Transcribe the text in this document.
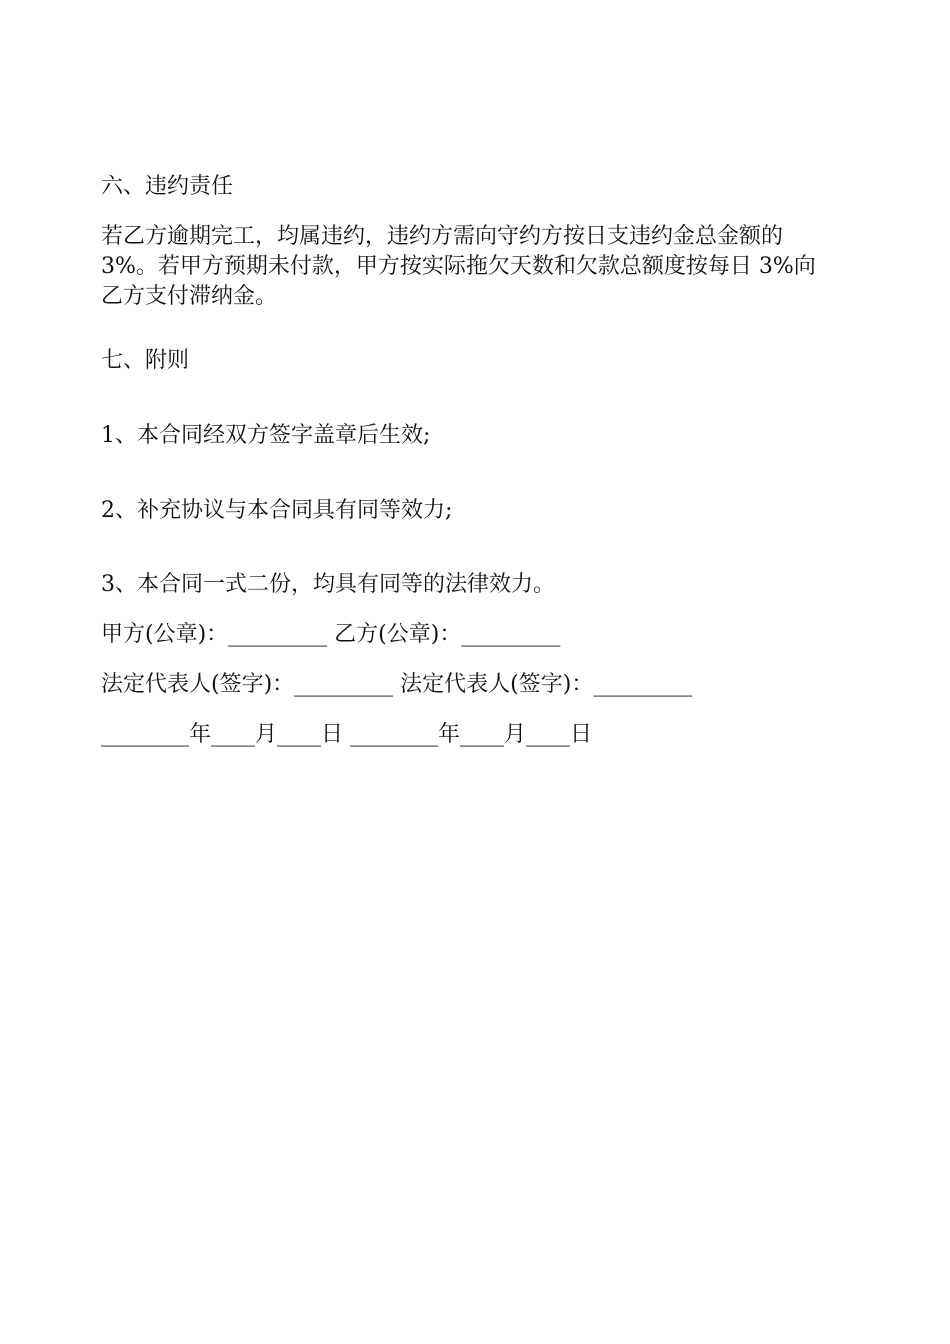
六、违约责任

若乙方逾期完工，均属违约，违约方需向守约方按日支违约金总金额的
3%。若甲方预期未付款，甲方按实际拖欠天数和欠款总额度按每日 3%向
乙方支付滞纳金。

七、附则

1、本合同经双方签字盖章后生效;

2、补充协议与本合同具有同等效力;

3、本合同一式二份，均具有同等的法律效力。

甲方(公章)：_________ 乙方(公章)：_________

法定代表人(签字)：_________ 法定代表人(签字)：_________

________年____月____日 ________年____月____日
